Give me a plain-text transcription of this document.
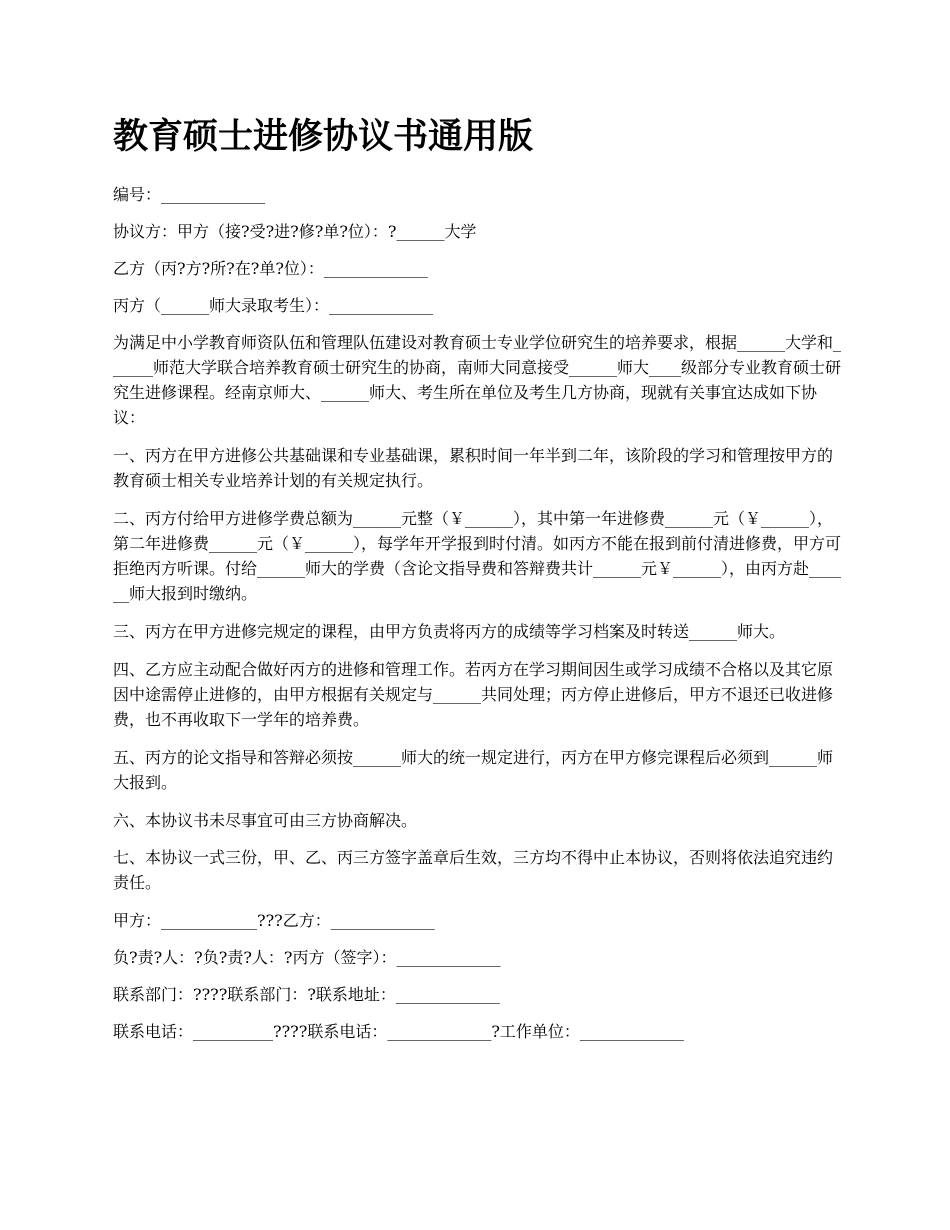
教育硕士进修协议书通用版

编号：_____________

协议方：甲方（接?受?进?修?单?位）：?______大学

乙方（丙?方?所?在?单?位）：_____________

丙方（______师大录取考生）：_____________

为满足中小学教育师资队伍和管理队伍建设对教育硕士专业学位研究生的培养要求，根据______大学和______师范大学联合培养教育硕士研究生的协商，南师大同意接受______师大____级部分专业教育硕士研究生进修课程。经南京师大、______师大、考生所在单位及考生几方协商，现就有关事宜达成如下协议：

一、丙方在甲方进修公共基础课和专业基础课，累积时间一年半到二年，该阶段的学习和管理按甲方的教育硕士相关专业培养计划的有关规定执行。

二、丙方付给甲方进修学费总额为______元整（￥______），其中第一年进修费______元（￥______），第二年进修费______元（￥______），每学年开学报到时付清。如丙方不能在报到前付清进修费，甲方可拒绝丙方听课。付给______师大的学费（含论文指导费和答辩费共计______元￥______），由丙方赴______师大报到时缴纳。

三、丙方在甲方进修完规定的课程，由甲方负责将丙方的成绩等学习档案及时转送______师大。

四、乙方应主动配合做好丙方的进修和管理工作。若丙方在学习期间因生或学习成绩不合格以及其它原因中途需停止进修的，由甲方根据有关规定与______共同处理；丙方停止进修后，甲方不退还已收进修费，也不再收取下一学年的培养费。

五、丙方的论文指导和答辩必须按______师大的统一规定进行，丙方在甲方修完课程后必须到______师大报到。

六、本协议书未尽事宜可由三方协商解决。

七、本协议一式三份，甲、乙、丙三方签字盖章后生效，三方均不得中止本协议，否则将依法追究违约责任。

甲方：____________???乙方：_____________

负?责?人：?负?责?人：?丙方（签字）：_____________

联系部门：????联系部门：?联系地址：_____________

联系电话：__________????联系电话：_____________?工作单位：_____________
